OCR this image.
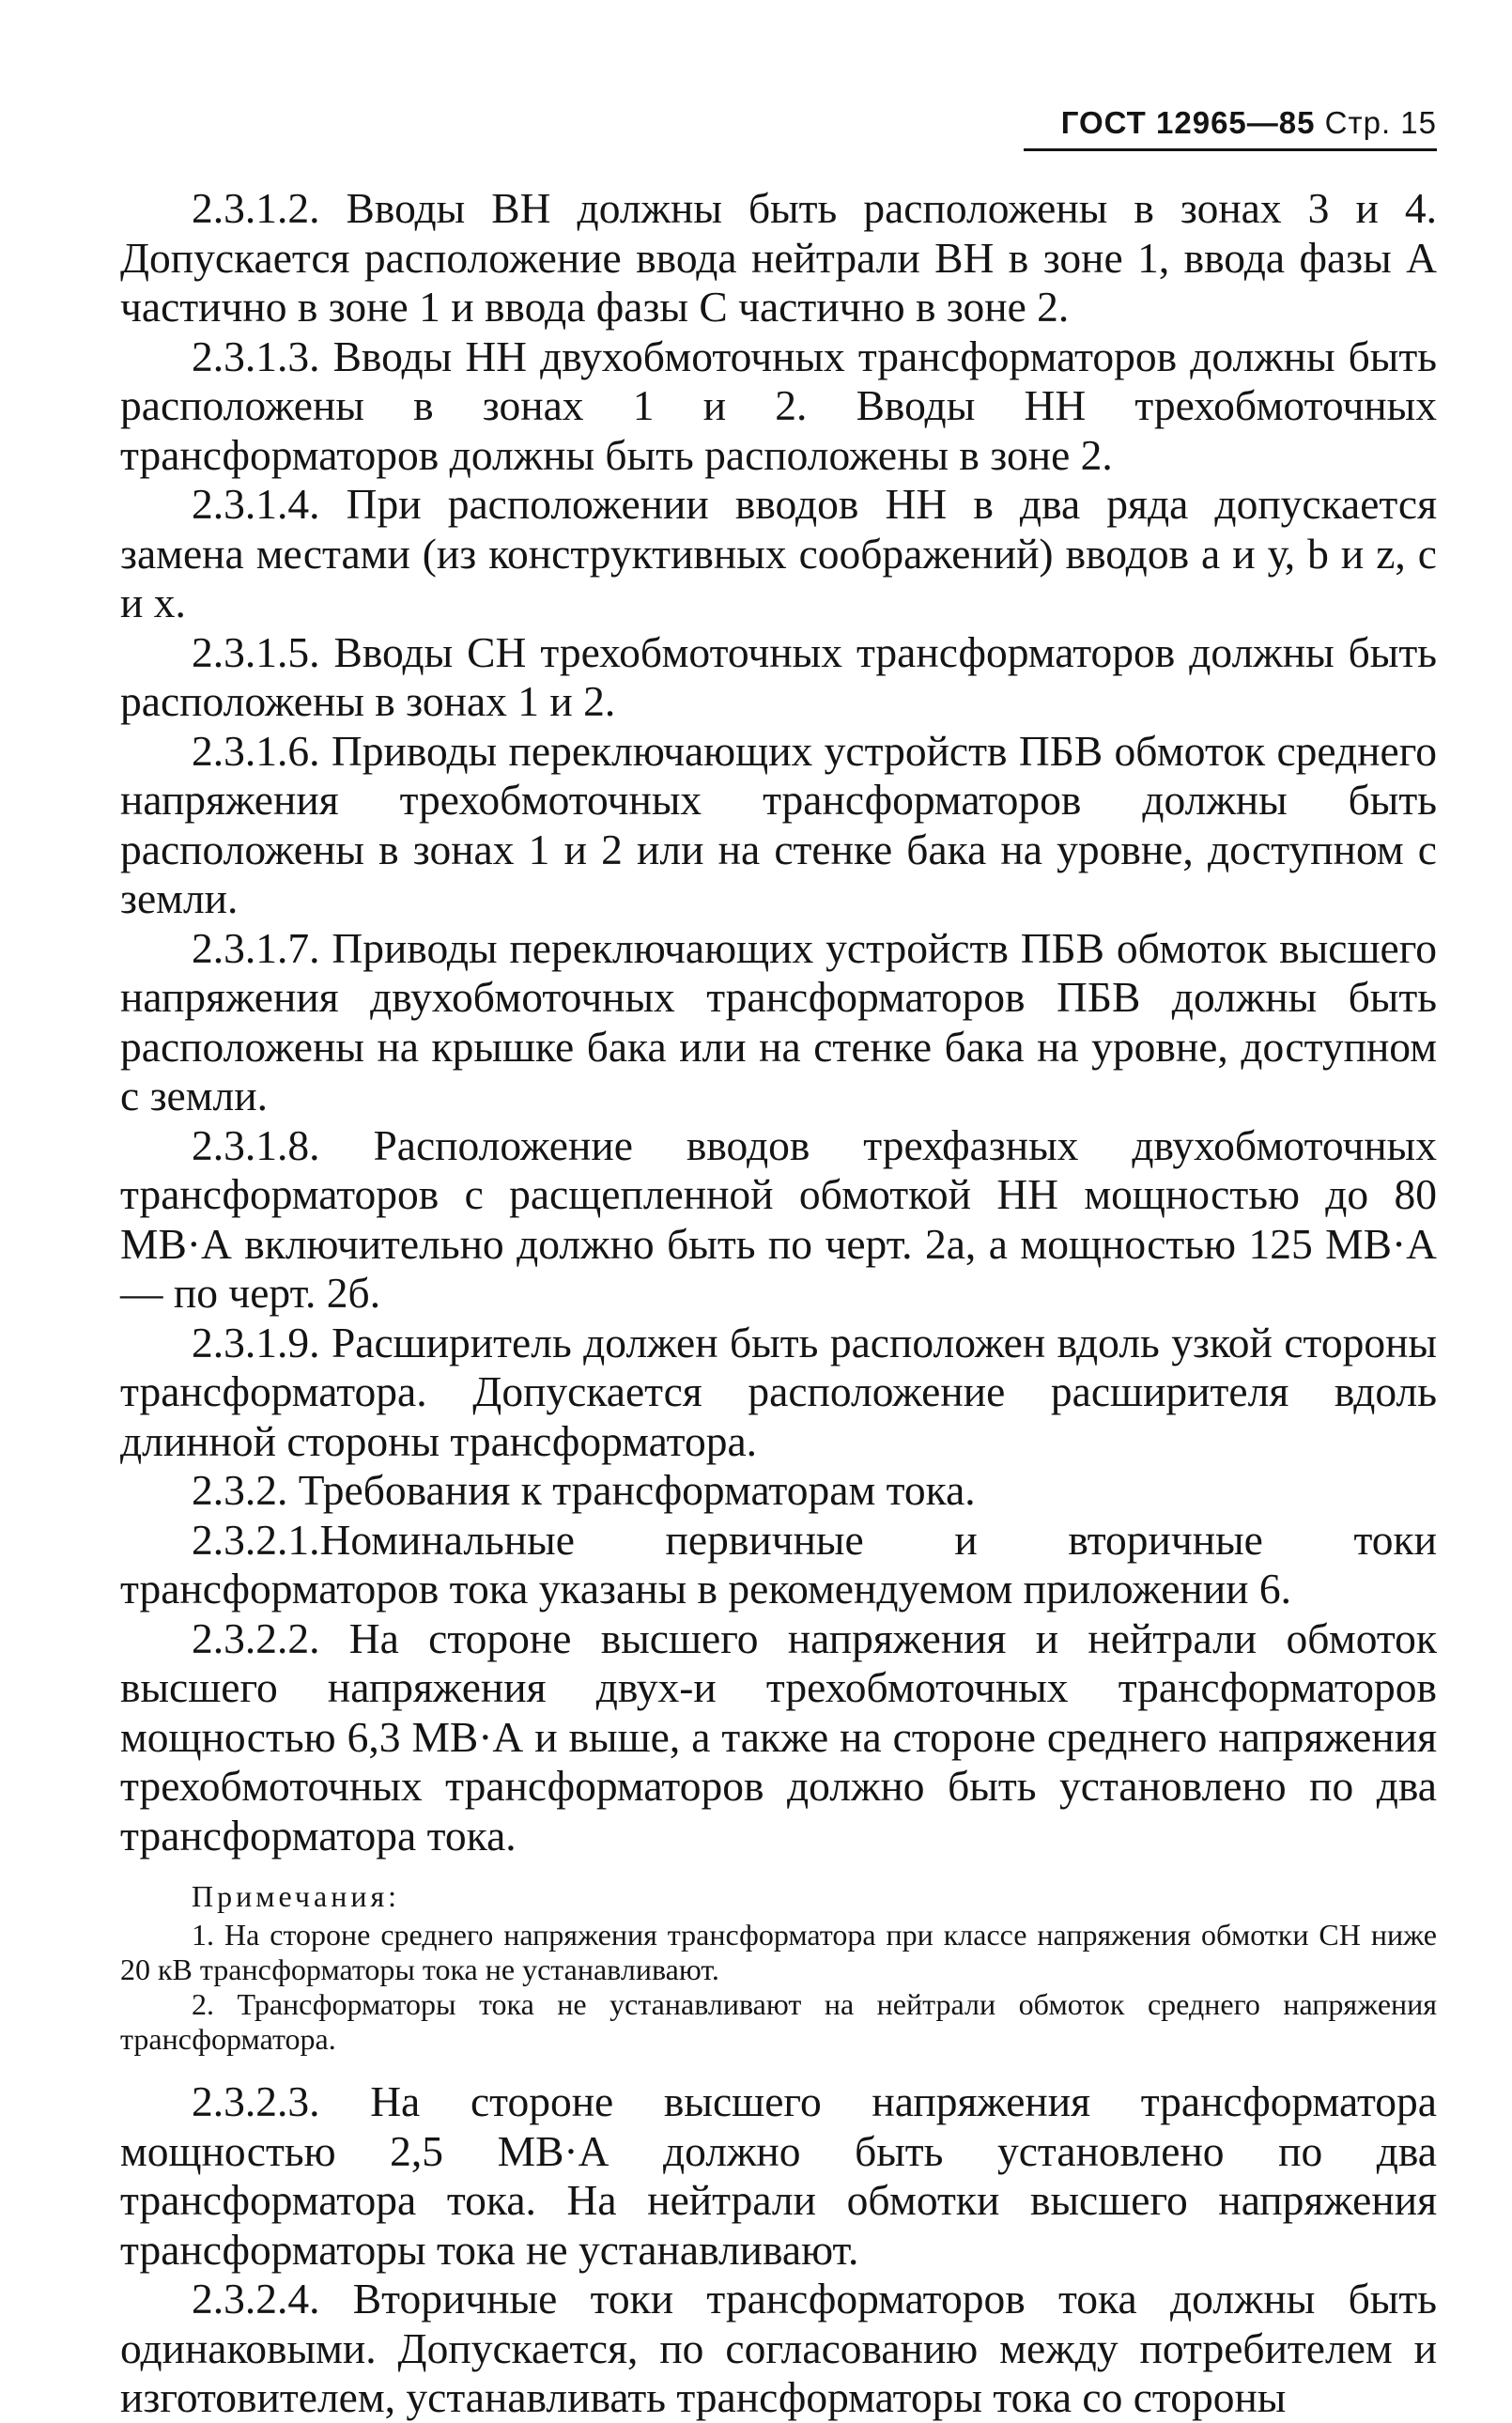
ГОСТ 12965—85 Стр. 15

2.3.1.2. Вводы ВН должны быть расположены в зонах 3 и 4. Допускается расположение ввода нейтрали ВН в зоне 1, ввода фазы А частично в зоне 1 и ввода фазы С частично в зоне 2.

2.3.1.3. Вводы НН двухобмоточных трансформаторов должны быть расположены в зонах 1 и 2. Вводы НН трехобмоточных трансформаторов должны быть расположены в зоне 2.

2.3.1.4. При расположении вводов НН в два ряда допускается замена местами (из конструктивных соображений) вводов а и у, b и z, с и х.

2.3.1.5. Вводы СН трехобмоточных трансформаторов должны быть расположены в зонах 1 и 2.

2.3.1.6. Приводы переключающих устройств ПБВ обмоток среднего напряжения трехобмоточных трансформаторов должны быть расположены в зонах 1 и 2 или на стенке бака на уровне, доступном с земли.

2.3.1.7. Приводы переключающих устройств ПБВ обмоток высшего напряжения двухобмоточных трансформаторов ПБВ должны быть расположены на крышке бака или на стенке бака на уровне, доступном с земли.

2.3.1.8. Расположение вводов трехфазных двухобмоточных трансформаторов с расщепленной обмоткой НН мощностью до 80 МВ·А включительно должно быть по черт. 2а, а мощностью 125 МВ·А — по черт. 2б.

2.3.1.9. Расширитель должен быть расположен вдоль узкой стороны трансформатора. Допускается расположение расширителя вдоль длинной стороны трансформатора.

2.3.2. Требования к трансформаторам тока.

2.3.2.1.Номинальные первичные и вторичные токи трансформаторов тока указаны в рекомендуемом приложении 6.

2.3.2.2. На стороне высшего напряжения и нейтрали обмоток высшего напряжения двух-и трехобмоточных трансформаторов мощностью 6,3 МВ·А и выше, а также на стороне среднего напряжения трехобмоточных трансформаторов должно быть установлено по два трансформатора тока.

Примечания:

1. На стороне среднего напряжения трансформатора при классе напряжения обмотки СН ниже 20 кВ трансформаторы тока не устанавливают.

2. Трансформаторы тока не устанавливают на нейтрали обмоток среднего напряжения трансформатора.

2.3.2.3. На стороне высшего напряжения трансформатора мощностью 2,5 МВ·А должно быть установлено по два трансформатора тока. На нейтрали обмотки высшего напряжения трансформаторы тока не устанавливают.

2.3.2.4. Вторичные токи трансформаторов тока должны быть одинаковыми. Допускается, по согласованию между потребителем и изготовителем, устанавливать трансформаторы тока со стороны
